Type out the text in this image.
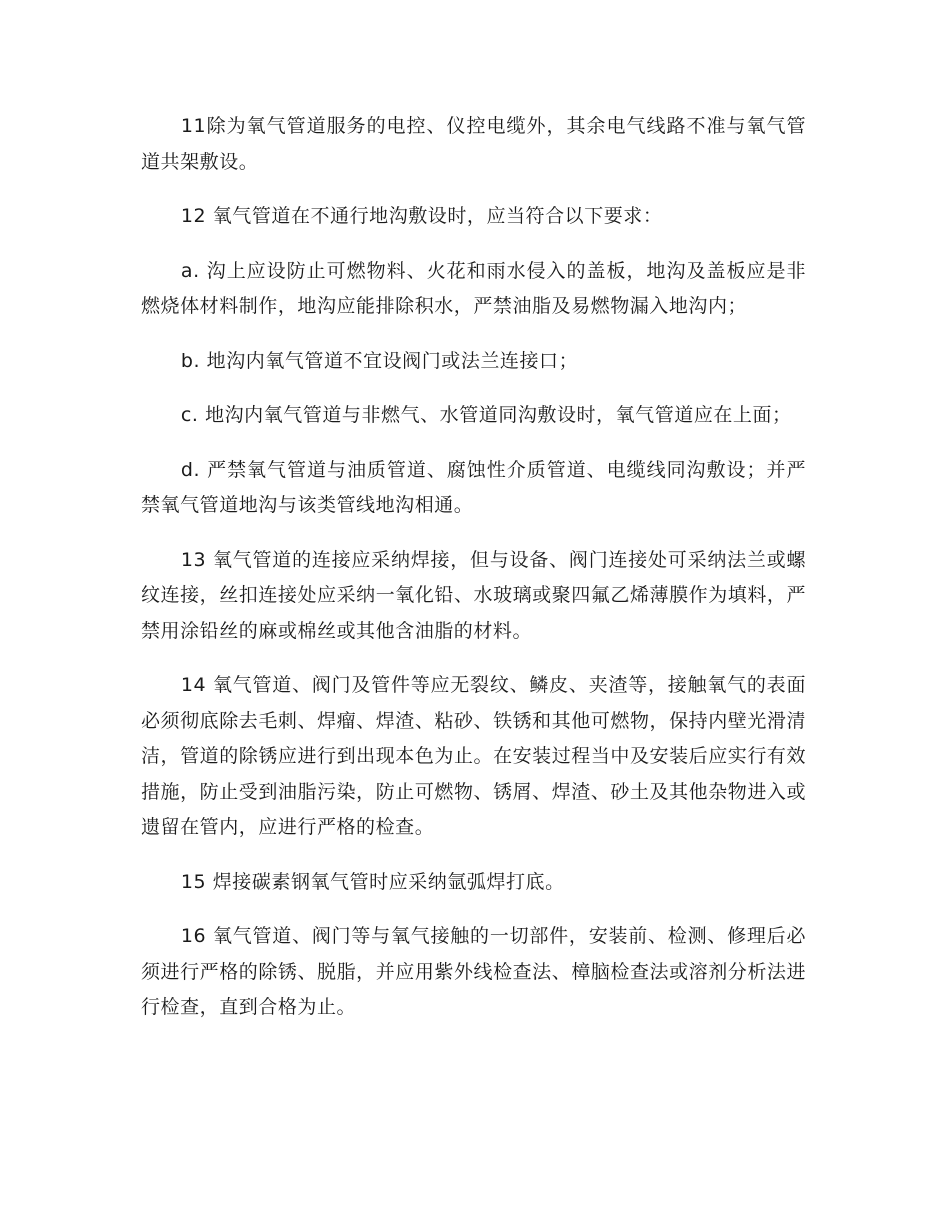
11除为氧气管道服务的电控、仪控电缆外，其余电气线路不准与氧气管道共架敷设。

12 氧气管道在不通行地沟敷设时，应当符合以下要求：

a. 沟上应设防止可燃物料、火花和雨水侵入的盖板，地沟及盖板应是非燃烧体材料制作，地沟应能排除积水，严禁油脂及易燃物漏入地沟内；

b. 地沟内氧气管道不宜设阀门或法兰连接口；

c. 地沟内氧气管道与非燃气、水管道同沟敷设时，氧气管道应在上面；

d. 严禁氧气管道与油质管道、腐蚀性介质管道、电缆线同沟敷设；并严禁氧气管道地沟与该类管线地沟相通。

13 氧气管道的连接应采纳焊接，但与设备、阀门连接处可采纳法兰或螺纹连接，丝扣连接处应采纳一氧化铅、水玻璃或聚四氟乙烯薄膜作为填料，严禁用涂铅丝的麻或棉丝或其他含油脂的材料。

14 氧气管道、阀门及管件等应无裂纹、鳞皮、夹渣等，接触氧气的表面必须彻底除去毛刺、焊瘤、焊渣、粘砂、铁锈和其他可燃物，保持内壁光滑清洁，管道的除锈应进行到出现本色为止。在安装过程当中及安装后应实行有效措施，防止受到油脂污染，防止可燃物、锈屑、焊渣、砂土及其他杂物进入或遗留在管内，应进行严格的检查。

15 焊接碳素钢氧气管时应采纳氩弧焊打底。

16 氧气管道、阀门等与氧气接触的一切部件，安装前、检测、修理后必须进行严格的除锈、脱脂，并应用紫外线检查法、樟脑检查法或溶剂分析法进行检查，直到合格为止。
